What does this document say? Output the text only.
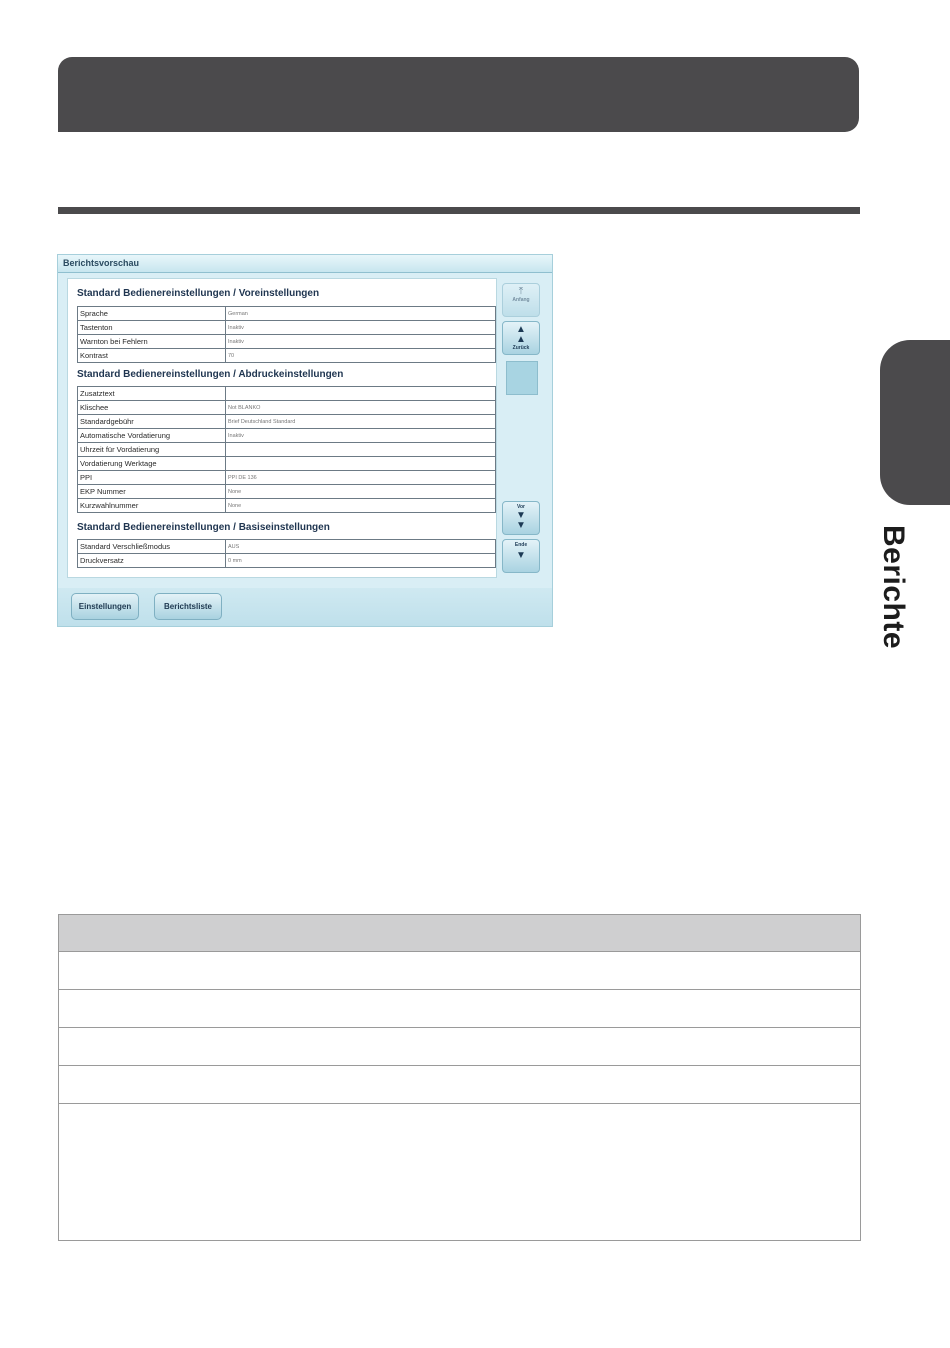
Berichte
Berichtsvorschau
Standard Bedienereinstellungen / Voreinstellungen
Sprache	German
Tastenton	Inaktiv
Warnton bei Fehlern	Inaktiv
Kontrast	70
Standard Bedienereinstellungen / Abdruckeinstellungen
Zusatztext	
Klischee	Not BLANKO
Standardgebühr	Brief Deutschland Standard
Automatische Vordatierung	Inaktiv
Uhrzeit für Vordatierung	
Vordatierung Werktage	
PPI	PPI DE 136
EKP Nummer	None
Kurzwahlnummer	None
Standard Bedienereinstellungen / Basiseinstellungen
Standard Verschließmodus	AUS
Druckversatz	0 mm
⤒
Anfang
▲
▲
Zurück
Vor
▼
▼
Ende
▼
Einstellungen	Berichtsliste
